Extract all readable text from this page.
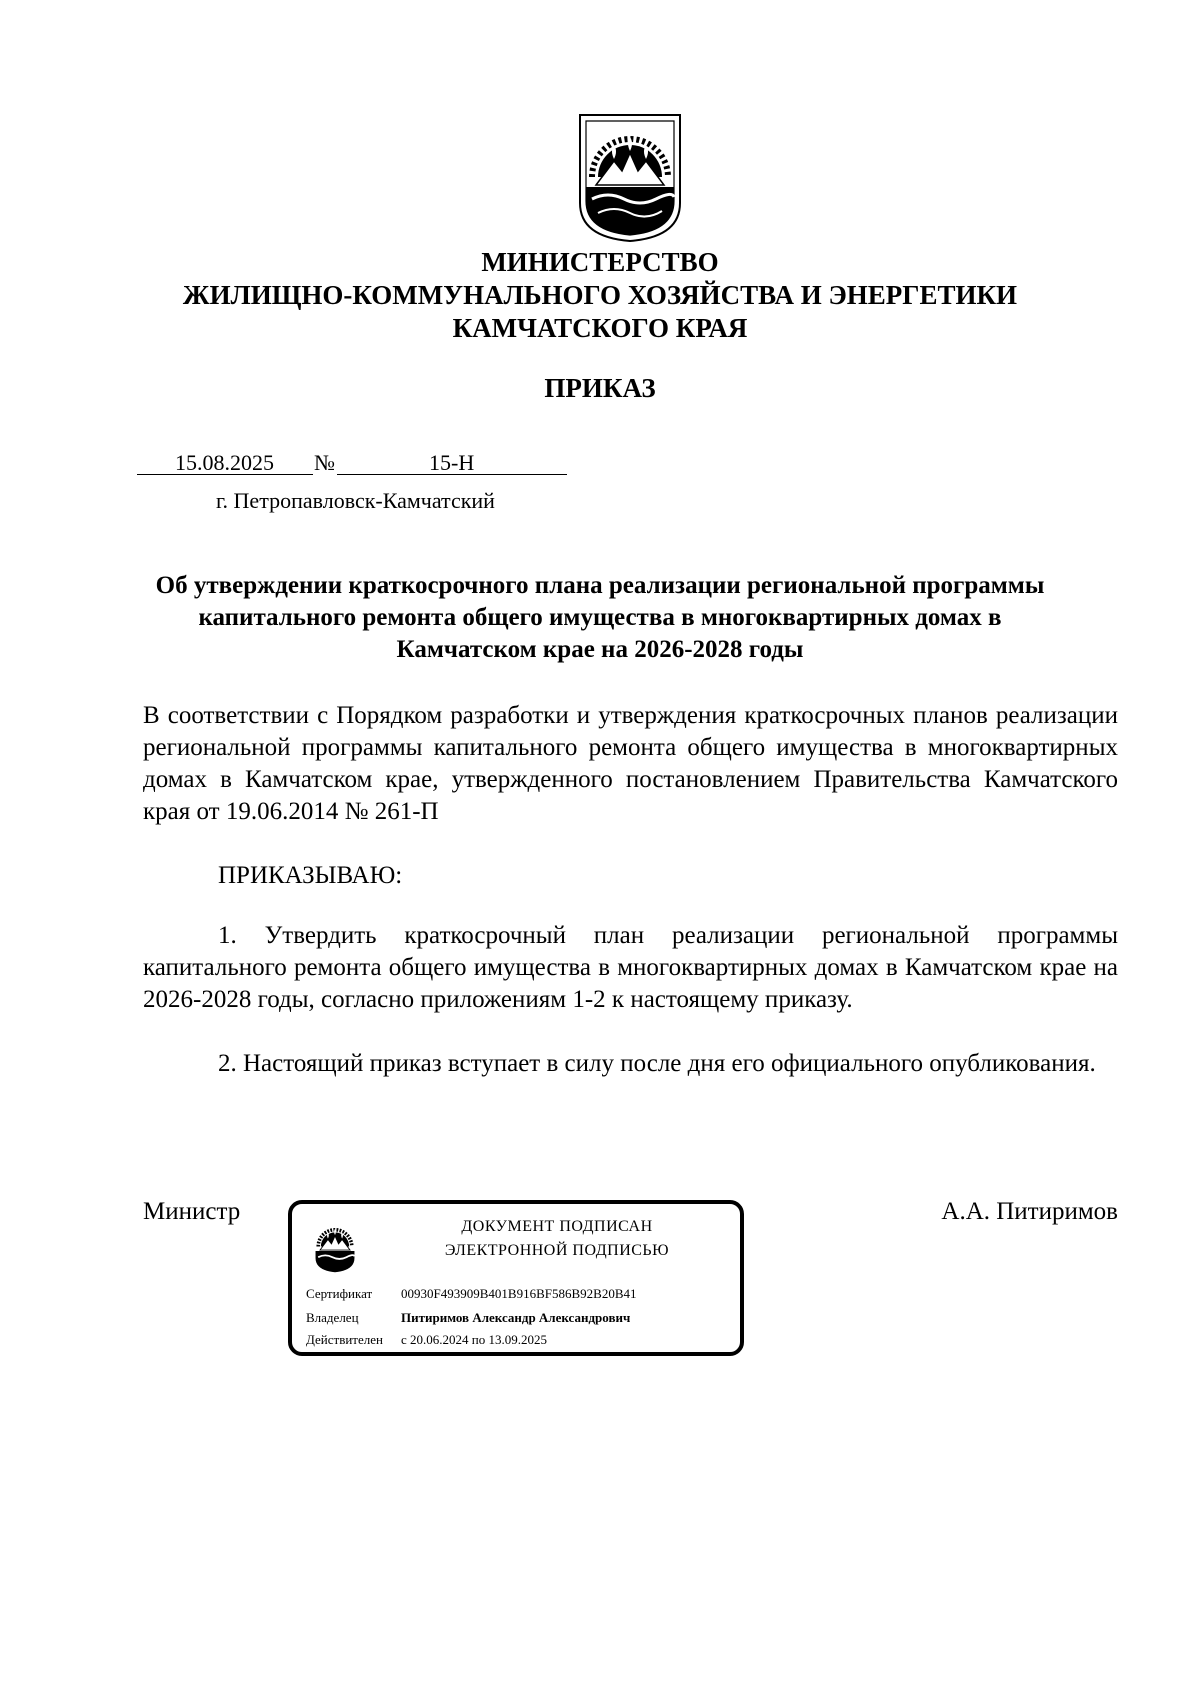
МИНИСТЕРСТВО
ЖИЛИЩНО-КОММУНАЛЬНОГО ХОЗЯЙСТВА И ЭНЕРГЕТИКИ
КАМЧАТСКОГО КРАЯ
ПРИКАЗ
15.08.2025 №	15-Н
г. Петропавловск-Камчатский
Об утверждении краткосрочного плана реализации региональной программы капитального ремонта общего имущества в многоквартирных домах в Камчатском крае на 2026-2028 годы
В соответствии с Порядком разработки и утверждения краткосрочных планов реализации региональной программы капитального ремонта общего имущества в многоквартирных домах в Камчатском крае, утвержденного постановлением Правительства Камчатского края от 19.06.2014 № 261-П
ПРИКАЗЫВАЮ:
1. Утвердить краткосрочный план реализации региональной программы капитального ремонта общего имущества в многоквартирных домах в Камчатском крае на 2026-2028 годы, согласно приложениям 1-2 к настоящему приказу.
2. Настоящий приказ вступает в силу после дня его официального опубликования.
Министр	А.А. Питиримов
ДОКУМЕНТ ПОДПИСАН
ЭЛЕКТРОННОЙ ПОДПИСЬЮ
Сертификат 00930F493909B401B916BF586B92B20B41
Владелец	Питиримов Александр Александрович
Действителен с 20.06.2024 по 13.09.2025
